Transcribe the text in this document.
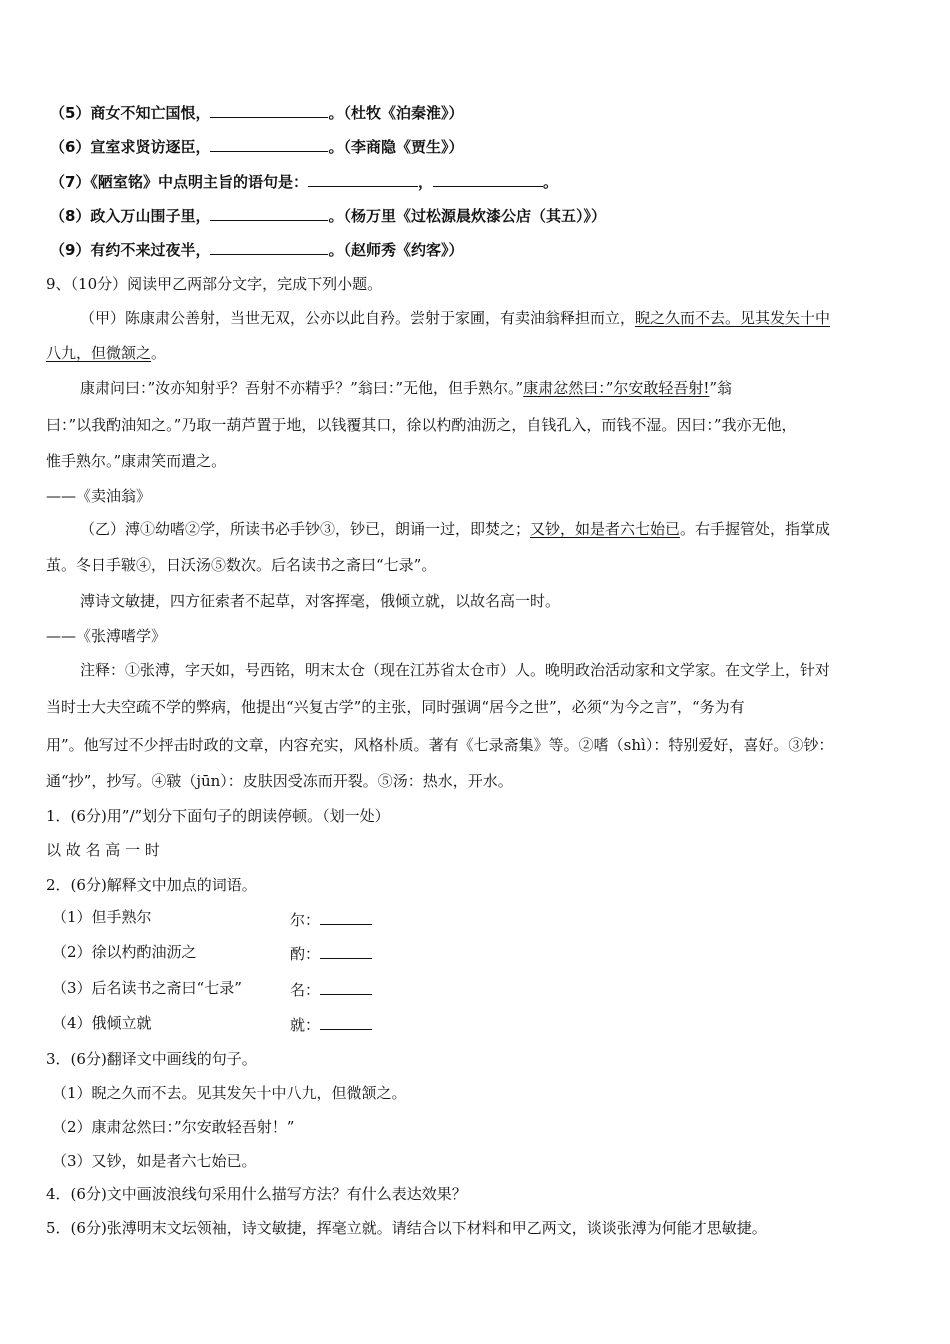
（5）商女不知亡国恨，	。（杜牧《泊秦淮》）
（6）宣室求贤访逐臣，	。（李商隐《贾生》）
（7）《陋室铭》中点明主旨的语句是：	，	。
（8）政入万山围子里，	。（杨万里《过松源晨炊漆公店（其五）》）
（9）有约不来过夜半，	。（赵师秀《约客》）
9、（10分）阅读甲乙两部分文字，完成下列小题。
（甲）陈康肃公善射，当世无双，公亦以此自矜。尝射于家圃，有卖油翁释担而立，睨之久而不去。见其发矢十中
八九，但微颔之。
康肃问曰：”汝亦知射乎？吾射不亦精乎？”翁曰：”无他，但手熟尔。”康肃忿然曰：”尔安敢轻吾射!”翁
曰：”以我酌油知之。”乃取一葫芦置于地，以钱覆其口，徐以杓酌油沥之，自钱孔入，而钱不湿。因曰：”我亦无他，
惟手熟尔。”康肃笑而遣之。
——《卖油翁》
（乙）溥①幼嗜②学，所读书必手钞③，钞已，朗诵一过，即焚之；又钞，如是者六七始已。右手握管处，指掌成
茧。冬日手皲④，日沃汤⑤数次。后名读书之斋曰“七录”。
溥诗文敏捷，四方征索者不起草，对客挥毫，俄倾立就，以故名高一时。
——《张溥嗜学》
注释：①张溥，字天如，号西铭，明末太仓（现在江苏省太仓市）人。晚明政治活动家和文学家。在文学上，针对
当时士大夫空疏不学的弊病，他提出“兴复古学”的主张，同时强调“居今之世”，必须“为今之言”，“务为有
用”。他写过不少抨击时政的文章，内容充实，风格朴质。著有《七录斋集》等。②嗜（shì）：特别爱好，喜好。③钞：
通“抄”，抄写。④皲（jūn）：皮肤因受冻而开裂。⑤汤：热水，开水。
1．(6分)用”/”划分下面句子的朗读停顿。（划一处）
以 故 名 高 一 时
2．(6分)解释文中加点的词语。
（1）但手熟尔	尔：
（2）徐以杓酌油沥之	酌：
（3）后名读书之斋曰“七录”	名：
（4）俄倾立就	就：
3．(6分)翻译文中画线的句子。
（1）睨之久而不去。见其发矢十中八九，但微颔之。
（2）康肃忿然曰：”尔安敢轻吾射！”
（3）又钞，如是者六七始已。
4．(6分)文中画波浪线句采用什么描写方法？有什么表达效果？
5．(6分)张溥明末文坛领袖，诗文敏捷，挥毫立就。请结合以下材料和甲乙两文，谈谈张溥为何能才思敏捷。
